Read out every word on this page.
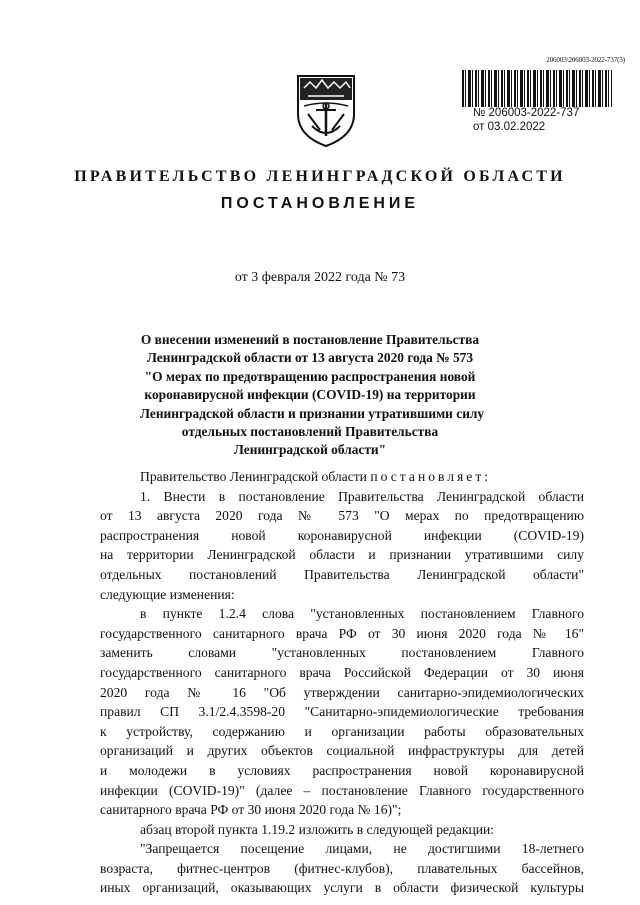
206003\206003-2022-737(3)
№ 206003-2022-737
от 03.02.2022
ПРАВИТЕЛЬСТВО ЛЕНИНГРАДСКОЙ ОБЛАСТИ
ПОСТАНОВЛЕНИЕ
от 3 февраля 2022 года № 73
О внесении изменений в постановление Правительства
Ленинградской области от 13 августа 2020 года № 573
"О мерах по предотвращению распространения новой
коронавирусной инфекции (COVID-19) на территории
Ленинградской области и признании утратившими силу
отдельных постановлений Правительства
Ленинградской области"
Правительство Ленинградской области постановляет:
1. Внести в постановление Правительства Ленинградской области
от 13 августа 2020 года № 573 "О мерах по предотвращению
распространения новой коронавирусной инфекции (COVID-19)
на территории Ленинградской области и признании утратившими силу
отдельных постановлений Правительства Ленинградской области"
следующие изменения:
в пункте 1.2.4 слова "установленных постановлением Главного
государственного санитарного врача РФ от 30 июня 2020 года № 16"
заменить словами "установленных постановлением Главного
государственного санитарного врача Российской Федерации от 30 июня
2020 года № 16 "Об утверждении санитарно-эпидемиологических
правил СП 3.1/2.4.3598-20 "Санитарно-эпидемиологические требования
к устройству, содержанию и организации работы образовательных
организаций и других объектов социальной инфраструктуры для детей
и молодежи в условиях распространения новой коронавирусной
инфекции (COVID-19)" (далее – постановление Главного государственного
санитарного врача РФ от 30 июня 2020 года № 16)";
абзац второй пункта 1.19.2 изложить в следующей редакции:
"Запрещается посещение лицами, не достигшими 18-летнего
возраста, фитнес-центров (фитнес-клубов), плавательных бассейнов,
иных организаций, оказывающих услуги в области физической культуры
